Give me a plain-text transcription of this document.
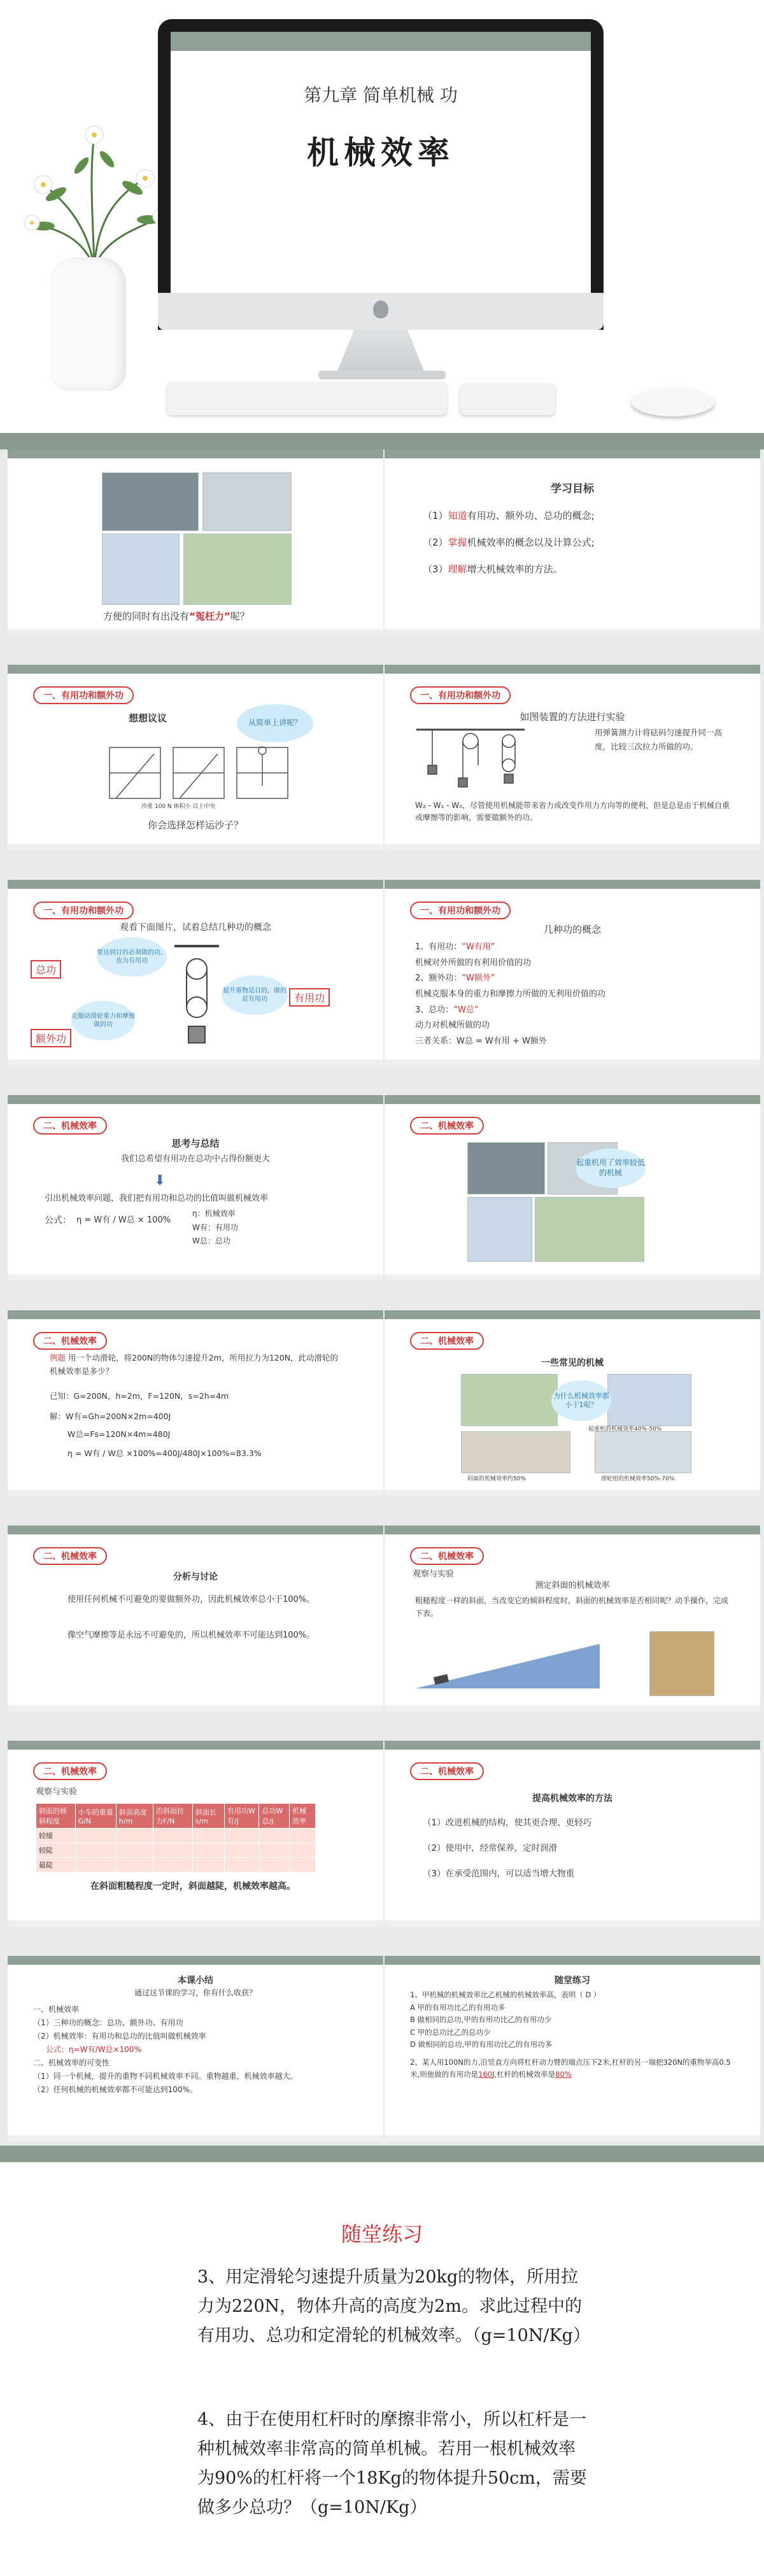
第九章 简单机械 功
机械效率
方便的同时有出没有“冤枉力”呢？
学习目标
（1）知道有用功、额外功、总功的概念;
（2）掌握机械效率的概念以及计算公式;
（3）理解增大机械效率的方法。
一、有用功和额外功
想想议议	从简单上讲呢？
沙重 100 N 体积小 以上中央
你会选择怎样运沙子？
一、有用功和额外功
如图装置的方法进行实验
用弹簧测力计将砝码匀速提升同一高度，比较三次拉力所做的功。
W₂ - W₁ - W₀，尽管使用机械能带来省力或改变作用力方向等的便利，但是总是由于机械自重或摩擦等的影响，需要做额外的功。
一、有用功和额外功
观看下面图片，试着总结几种功的概念
总功
有用功
额外功
要达到目的必须做的功，也为有用功
提升重物是目的，做的是有用功
克服动滑轮重力和摩擦做的功
一、有用功和额外功
几种功的概念
1、有用功：“W有用”
机械对外所做的有利用价值的功
2、额外功：“W额外”
机械克服本身的重力和摩擦力所做的无利用价值的功
3、总功：“W总”
动力对机械所做的功
三者关系：W总 = W有用 + W额外
二、机械效率
思考与总结
我们总希望有用功在总功中占得份额更大
⬇
引出机械效率问题，我们把有用功和总功的比值叫做机械效率
公式： η = W有 / W总 × 100%
η：机械效率
W有：有用功
W总：总功
二、机械效率
起重机用了效率较低的机械
二、机械效率
例题 用一个动滑轮，将200N的物体匀速提升2m，所用拉力为120N，此动滑轮的机械效率是多少？
已知：G=200N，h=2m，F=120N，s=2h=4m
解：W有=Gh=200N×2m=400J
W总=Fs=120N×4m=480J
η = W有 / W总 ×100%=400J/480J×100%=83.3%
二、机械效率
一些常见的机械
为什么机械效率都小于1呢？
起重机的机械效率40%-50%
斜面的机械效率约50%	滑轮组的机械效率50%-70%
二、机械效率
分析与讨论
使用任何机械不可避免的要做额外功，因此机械效率总小于100%。
像空气摩擦等是永远不可避免的，所以机械效率不可能达到100%。
二、机械效率
观察与实验
测定斜面的机械效率
粗糙程度一样的斜面，当改变它的倾斜程度时，斜面的机械效率是否相同呢？动手操作，完成下表。
二、机械效率
观察与实验
斜面的倾斜程度	小车的重量G/N	斜面高度h/m	沿斜面拉力F/N	斜面长s/m	有用功W有/J	总功W总/J	机械效率
较缓							
较陡							
最陡							
在斜面粗糙程度一定时，斜面越陡，机械效率越高。
二、机械效率
提高机械效率的方法
（1）改进机械的结构，使其更合理、更轻巧
（2）使用中，经常保养，定时润滑
（3）在承受范围内，可以适当增大物重
本课小结
通过这节课的学习，你有什么收获？
一、机械效率
（1）三种功的概念：总功、额外功、有用功
（2）机械效率：有用功和总功的比值叫做机械效率
公式：η=W有/W总×100%
二、机械效率的可变性
（1）同一个机械，提升的重物不同机械效率不同。重物越重，机械效率越大。
（2）任何机械的机械效率都不可能达到100%。
随堂练习
1、甲机械的机械效率比乙机械的机械效率高，表明（ D ）
A 甲的有用功比乙的有用功多
B 做相同的总功,甲的有用功比乙的有用功少
C 甲的总功比乙的总功少
D 做相同的总功,甲的有用功比乙的有用功多
2、某人用100N的力,沿竖直方向将杠杆动力臂的端点压下2米,杠杆的另一端把320N的重物举高0.5米,则他做的有用功是160J,杠杆的机械效率是80%
随堂练习
3、用定滑轮匀速提升质量为20kg的物体，所用拉力为220N，物体升高的高度为2m。求此过程中的有用功、总功和定滑轮的机械效率。（g=10N/Kg）
4、由于在使用杠杆时的摩擦非常小，所以杠杆是一种机械效率非常高的简单机械。若用一根机械效率为90%的杠杆将一个18Kg的物体提升50cm，需要做多少总功？（g=10N/Kg）
